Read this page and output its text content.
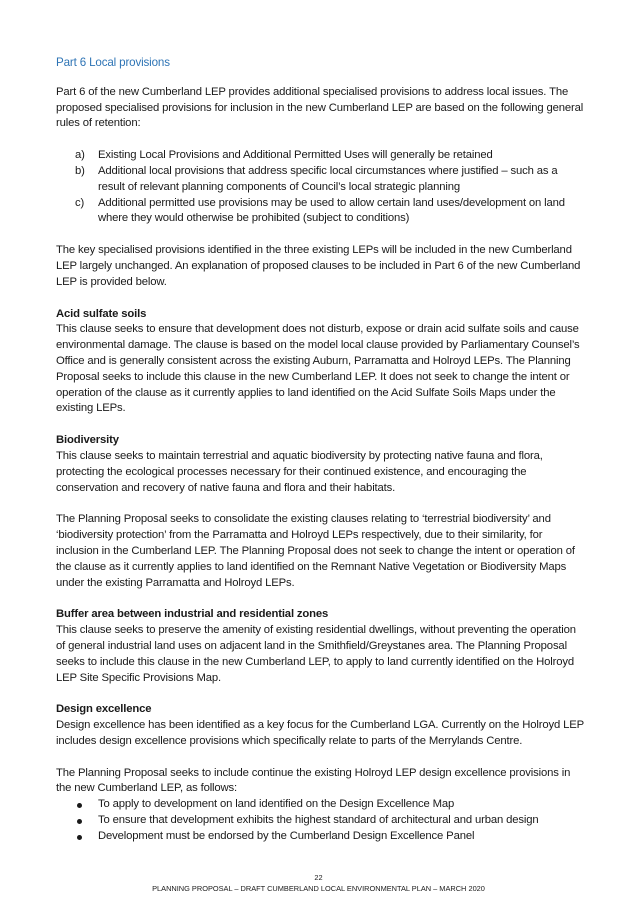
Part 6 Local provisions

Part 6 of the new Cumberland LEP provides additional specialised provisions to address local issues. The proposed specialised provisions for inclusion in the new Cumberland LEP are based on the following general rules of retention:

a) Existing Local Provisions and Additional Permitted Uses will generally be retained
b) Additional local provisions that address specific local circumstances where justified – such as a result of relevant planning components of Council’s local strategic planning
c) Additional permitted use provisions may be used to allow certain land uses/development on land where they would otherwise be prohibited (subject to conditions)

The key specialised provisions identified in the three existing LEPs will be included in the new Cumberland LEP largely unchanged. An explanation of proposed clauses to be included in Part 6 of the new Cumberland LEP is provided below.

Acid sulfate soils

This clause seeks to ensure that development does not disturb, expose or drain acid sulfate soils and cause environmental damage. The clause is based on the model local clause provided by Parliamentary Counsel’s Office and is generally consistent across the existing Auburn, Parramatta and Holroyd LEPs. The Planning Proposal seeks to include this clause in the new Cumberland LEP. It does not seek to change the intent or operation of the clause as it currently applies to land identified on the Acid Sulfate Soils Maps under the existing LEPs.

Biodiversity

This clause seeks to maintain terrestrial and aquatic biodiversity by protecting native fauna and flora, protecting the ecological processes necessary for their continued existence, and encouraging the conservation and recovery of native fauna and flora and their habitats.

The Planning Proposal seeks to consolidate the existing clauses relating to ‘terrestrial biodiversity’ and ‘biodiversity protection’ from the Parramatta and Holroyd LEPs respectively, due to their similarity, for inclusion in the Cumberland LEP. The Planning Proposal does not seek to change the intent or operation of the clause as it currently applies to land identified on the Remnant Native Vegetation or Biodiversity Maps under the existing Parramatta and Holroyd LEPs.

Buffer area between industrial and residential zones

This clause seeks to preserve the amenity of existing residential dwellings, without preventing the operation of general industrial land uses on adjacent land in the Smithfield/Greystanes area. The Planning Proposal seeks to include this clause in the new Cumberland LEP, to apply to land currently identified on the Holroyd LEP Site Specific Provisions Map.

Design excellence

Design excellence has been identified as a key focus for the Cumberland LGA. Currently on the Holroyd LEP includes design excellence provisions which specifically relate to parts of the Merrylands Centre.

The Planning Proposal seeks to include continue the existing Holroyd LEP design excellence provisions in the new Cumberland LEP, as follows:

To apply to development on land identified on the Design Excellence Map
To ensure that development exhibits the highest standard of architectural and urban design
Development must be endorsed by the Cumberland Design Excellence Panel
22
PLANNING PROPOSAL – DRAFT CUMBERLAND LOCAL ENVIRONMENTAL PLAN – MARCH 2020
